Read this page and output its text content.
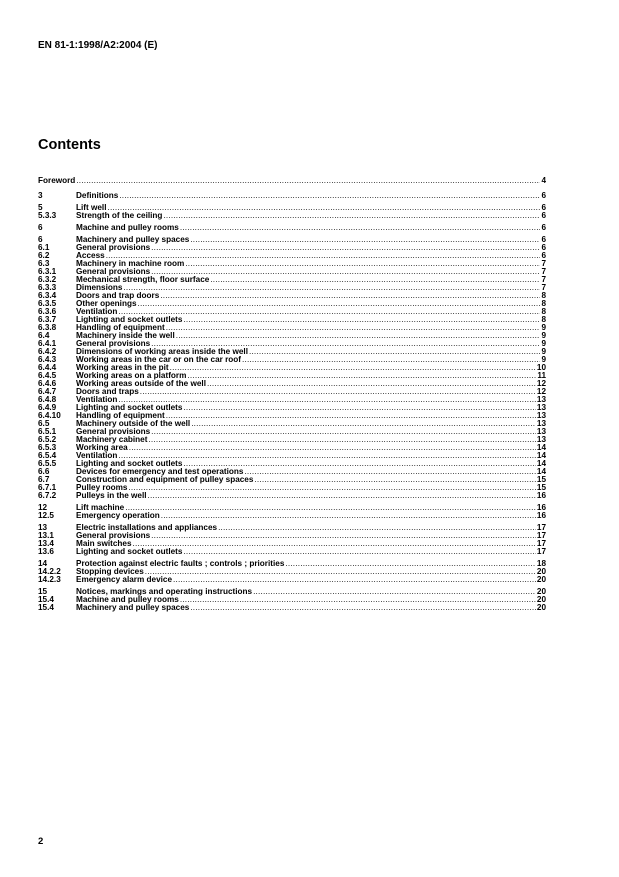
EN 81-1:1998/A2:2004 (E)
Contents
Foreword .....	4
3	Definitions .....	6
5	Lift well .....	6
5.3.3	Strength of the ceiling .....	6
6	Machine and pulley rooms .....	6
6	Machinery and pulley spaces .....	6
6.1	General provisions .....	6
6.2	Access .....	6
6.3	Machinery in machine room .....	7
6.3.1	General provisions .....	7
6.3.2	Mechanical strength, floor surface .....	7
6.3.3	Dimensions .....	7
6.3.4	Doors and trap doors .....	8
6.3.5	Other openings .....	8
6.3.6	Ventilation .....	8
6.3.7	Lighting and socket outlets .....	8
6.3.8	Handling of equipment .....	9
6.4	Machinery inside the well .....	9
6.4.1	General provisions .....	9
6.4.2	Dimensions of working areas inside the well .....	9
6.4.3	Working areas in the car or on the car roof .....	9
6.4.4	Working areas in the pit .....	10
6.4.5	Working areas on a platform .....	11
6.4.6	Working areas outside of the well .....	12
6.4.7	Doors and traps .....	12
6.4.8	Ventilation .....	13
6.4.9	Lighting and socket outlets .....	13
6.4.10	Handling of equipment .....	13
6.5	Machinery outside of the well .....	13
6.5.1	General provisions .....	13
6.5.2	Machinery cabinet .....	13
6.5.3	Working area .....	14
6.5.4	Ventilation .....	14
6.5.5	Lighting and socket outlets .....	14
6.6	Devices for emergency and test operations .....	14
6.7	Construction and equipment of pulley spaces .....	15
6.7.1	Pulley rooms .....	15
6.7.2	Pulleys in the well .....	16
12	Lift machine .....	16
12.5	Emergency operation .....	16
13	Electric installations and appliances .....	17
13.1	General provisions .....	17
13.4	Main switches .....	17
13.6	Lighting and socket outlets .....	17
14	Protection against electric faults ; controls ; priorities .....	18
14.2.2	Stopping devices .....	20
14.2.3	Emergency alarm device .....	20
15	Notices, markings and operating instructions .....	20
15.4	Machine and pulley rooms .....	20
15.4	Machinery and pulley spaces .....	20
2
